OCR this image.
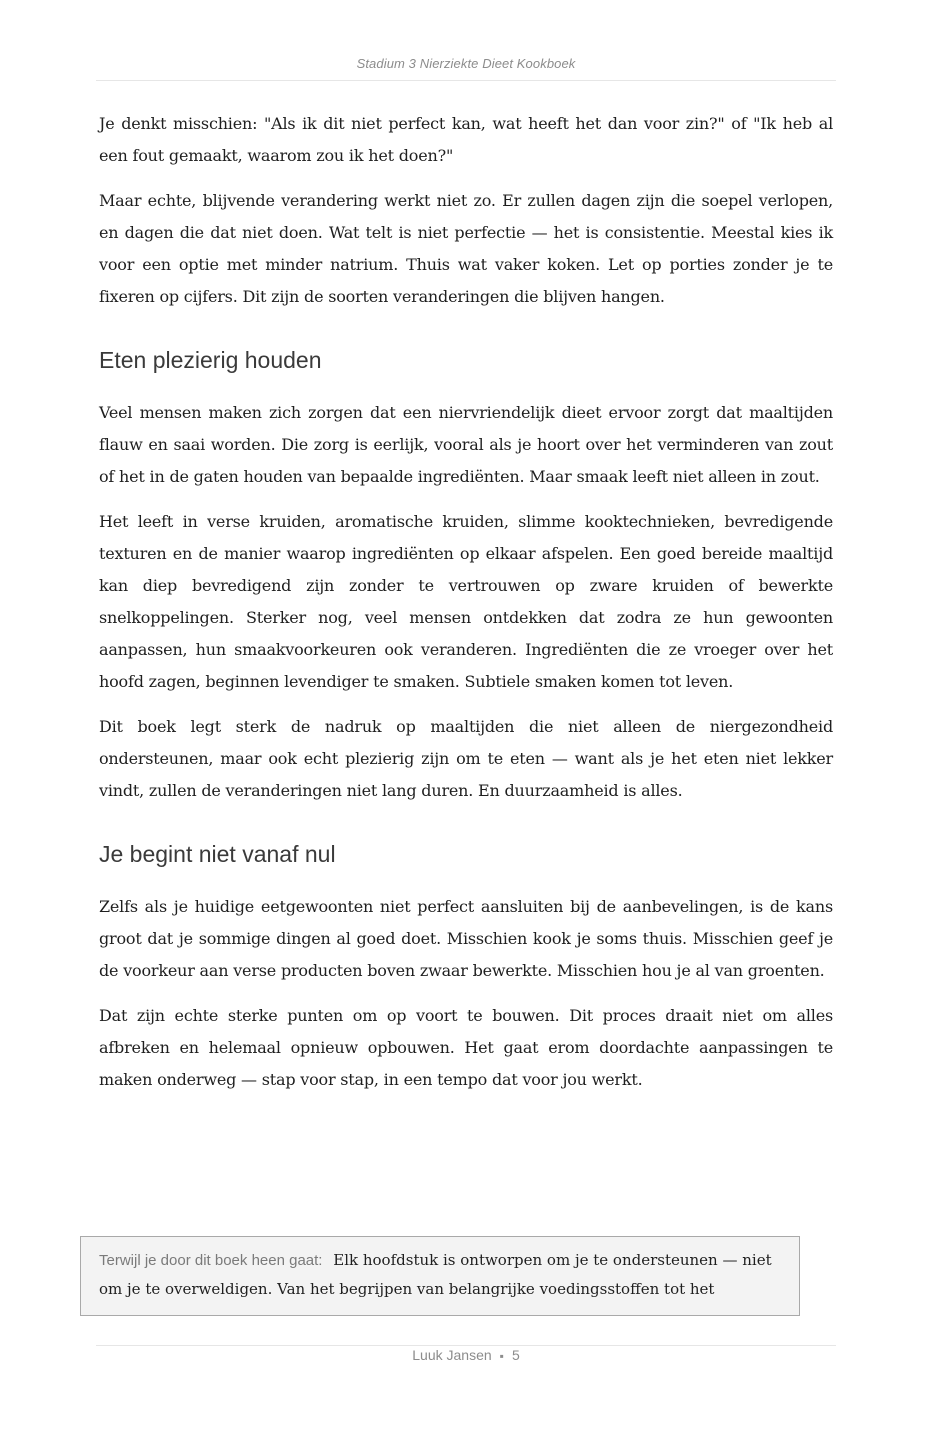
Stadium 3 Nierziekte Dieet Kookboek

Je denkt misschien: "Als ik dit niet perfect kan, wat heeft het dan voor zin?" of "Ik heb al een fout gemaakt, waarom zou ik het doen?"

Maar echte, blijvende verandering werkt niet zo. Er zullen dagen zijn die soepel verlopen, en dagen die dat niet doen. Wat telt is niet perfectie — het is consistentie. Meestal kies ik voor een optie met minder natrium. Thuis wat vaker koken. Let op porties zonder je te fixeren op cijfers. Dit zijn de soorten veranderingen die blijven hangen.

Eten plezierig houden

Veel mensen maken zich zorgen dat een niervriendelijk dieet ervoor zorgt dat maaltijden flauw en saai worden. Die zorg is eerlijk, vooral als je hoort over het verminderen van zout of het in de gaten houden van bepaalde ingrediënten. Maar smaak leeft niet alleen in zout.

Het leeft in verse kruiden, aromatische kruiden, slimme kooktechnieken, bevredigende texturen en de manier waarop ingrediënten op elkaar afspelen. Een goed bereide maaltijd kan diep bevredigend zijn zonder te vertrouwen op zware kruiden of bewerkte snelkoppelingen. Sterker nog, veel mensen ontdekken dat zodra ze hun gewoonten aanpassen, hun smaakvoorkeuren ook veranderen. Ingrediënten die ze vroeger over het hoofd zagen, beginnen levendiger te smaken. Subtiele smaken komen tot leven.

Dit boek legt sterk de nadruk op maaltijden die niet alleen de niergezondheid ondersteunen, maar ook echt plezierig zijn om te eten — want als je het eten niet lekker vindt, zullen de veranderingen niet lang duren. En duurzaamheid is alles.

Je begint niet vanaf nul

Zelfs als je huidige eetgewoonten niet perfect aansluiten bij de aanbevelingen, is de kans groot dat je sommige dingen al goed doet. Misschien kook je soms thuis. Misschien geef je de voorkeur aan verse producten boven zwaar bewerkte. Misschien hou je al van groenten.

Dat zijn echte sterke punten om op voort te bouwen. Dit proces draait niet om alles afbreken en helemaal opnieuw opbouwen. Het gaat erom doordachte aanpassingen te maken onderweg — stap voor stap, in een tempo dat voor jou werkt.

Terwijl je door dit boek heen gaat: Elk hoofdstuk is ontworpen om je te ondersteunen — niet om je te overweldigen. Van het begrijpen van belangrijke voedingsstoffen tot het
Luuk Jansen ▪ 5
